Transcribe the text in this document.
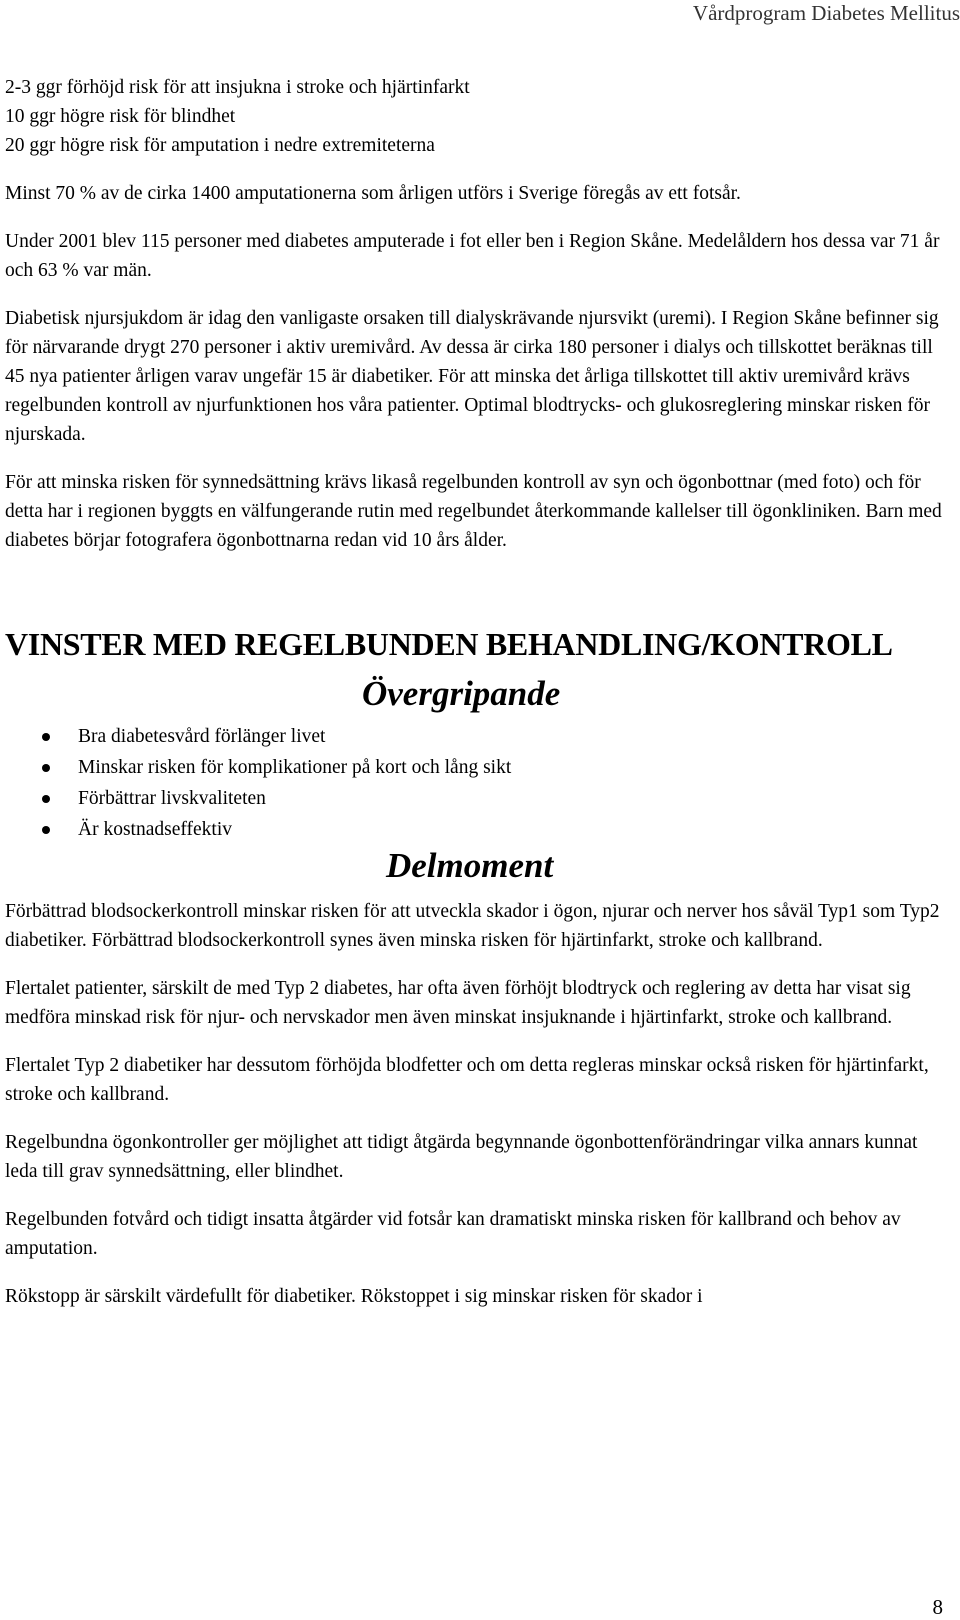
Vårdprogram Diabetes Mellitus
2-3 ggr förhöjd risk för att insjukna i stroke och hjärtinfarkt
10 ggr högre risk för blindhet
20 ggr högre risk för amputation i nedre extremiteterna

Minst 70 % av de cirka 1400 amputationerna som årligen utförs i Sverige föregås av ett fotsår.

Under 2001 blev 115 personer med diabetes amputerade i fot eller ben i Region Skåne. Medelåldern hos dessa var 71 år och 63 % var män.

Diabetisk njursjukdom är idag den vanligaste orsaken till dialyskrävande njursvikt (uremi). I Region Skåne befinner sig för närvarande drygt 270 personer i aktiv uremivård. Av dessa är cirka 180 personer i dialys och tillskottet beräknas till 45 nya patienter årligen varav ungefär 15 är diabetiker. För att minska det årliga tillskottet till aktiv uremivård krävs regelbunden kontroll av njurfunktionen hos våra patienter. Optimal blodtrycks- och glukosreglering minskar risken för njurskada.

För att minska risken för synnedsättning krävs likaså regelbunden kontroll av syn och ögonbottnar (med foto) och för detta har i regionen byggts en välfungerande rutin med regelbundet återkommande kallelser till ögonkliniken. Barn med diabetes börjar fotografera ögonbottnarna redan vid 10 års ålder.

VINSTER MED REGELBUNDEN BEHANDLING/KONTROLL
Övergripande
Bra diabetesvård förlänger livet
Minskar risken för komplikationer på kort och lång sikt
Förbättrar livskvaliteten
Är kostnadseffektiv
Delmoment

Förbättrad blodsockerkontroll minskar risken för att utveckla skador i ögon, njurar och nerver hos såväl Typ1 som Typ2 diabetiker. Förbättrad blodsockerkontroll synes även minska risken för hjärtinfarkt, stroke och kallbrand.

Flertalet patienter, särskilt de med Typ 2 diabetes, har ofta även förhöjt blodtryck och reglering av detta har visat sig medföra minskad risk för njur- och nervskador men även minskat insjuknande i hjärtinfarkt, stroke och kallbrand.

Flertalet Typ 2 diabetiker har dessutom förhöjda blodfetter och om detta regleras minskar också risken för hjärtinfarkt, stroke och kallbrand.

Regelbundna ögonkontroller ger möjlighet att tidigt åtgärda begynnande ögonbottenförändringar vilka annars kunnat leda till grav synnedsättning, eller blindhet.

Regelbunden fotvård och tidigt insatta åtgärder vid fotsår kan dramatiskt minska risken för kallbrand och behov av amputation.

Rökstopp är särskilt värdefullt för diabetiker. Rökstoppet i sig minskar risken för skador i

8
